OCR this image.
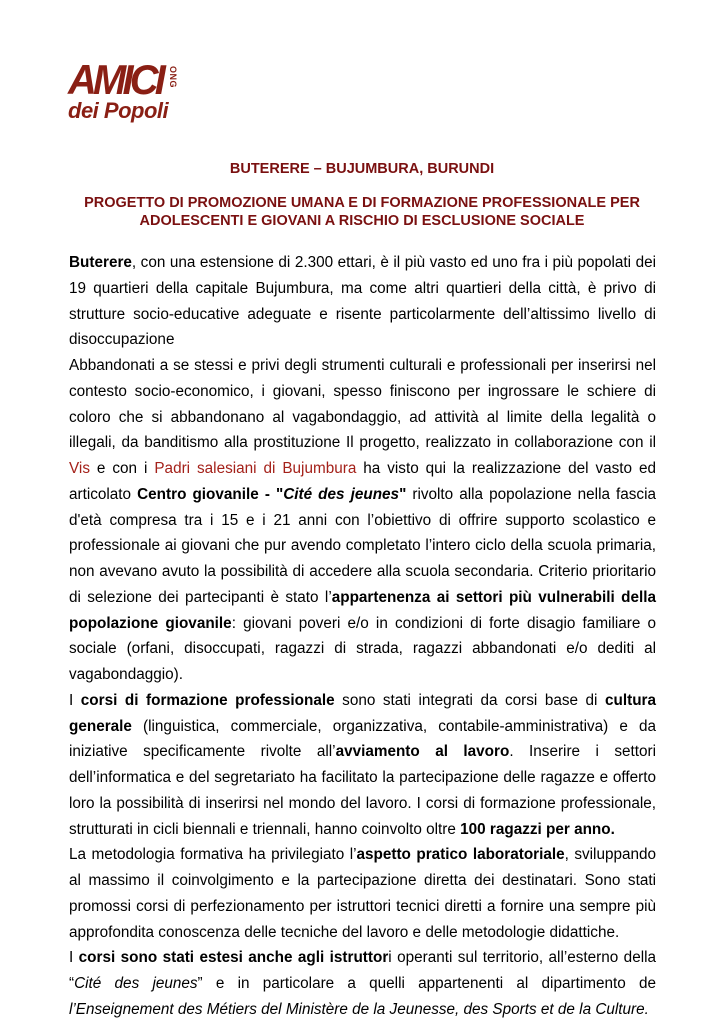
AMICI ONG
dei Popoli
BUTERERE – BUJUMBURA, BURUNDI
PROGETTO DI PROMOZIONE UMANA E DI FORMAZIONE PROFESSIONALE PER ADOLESCENTI E GIOVANI A RISCHIO DI ESCLUSIONE SOCIALE

Buterere, con una estensione di 2.300 ettari, è il più vasto ed uno fra i più popolati dei 19 quartieri della capitale Bujumbura, ma come altri quartieri della città, è privo di strutture socio-educative adeguate e risente particolarmente dell’altissimo livello di disoccupazione

Abbandonati a se stessi e privi degli strumenti culturali e professionali per inserirsi nel contesto socio-economico, i giovani, spesso finiscono per ingrossare le schiere di coloro che si abbandonano al vagabondaggio, ad attività al limite della legalità o illegali, da banditismo alla prostituzione Il progetto, realizzato in collaborazione con il Vis e con i Padri salesiani di Bujumbura ha visto qui la realizzazione del vasto ed articolato Centro giovanile - "Cité des jeunes" rivolto alla popolazione nella fascia d'età compresa tra i 15 e i 21 anni con l’obiettivo di offrire supporto scolastico e professionale ai giovani che pur avendo completato l’intero ciclo della scuola primaria, non avevano avuto la possibilità di accedere alla scuola secondaria. Criterio prioritario di selezione dei partecipanti è stato l’appartenenza ai settori più vulnerabili della popolazione giovanile: giovani poveri e/o in condizioni di forte disagio familiare o sociale (orfani, disoccupati, ragazzi di strada, ragazzi abbandonati e/o dediti al vagabondaggio).

I corsi di formazione professionale sono stati integrati da corsi base di cultura generale (linguistica, commerciale, organizzativa, contabile-amministrativa) e da iniziative specificamente rivolte all’avviamento al lavoro. Inserire i settori dell’informatica e del segretariato ha facilitato la partecipazione delle ragazze e offerto loro la possibilità di inserirsi nel mondo del lavoro. I corsi di formazione professionale, strutturati in cicli biennali e triennali, hanno coinvolto oltre 100 ragazzi per anno.

La metodologia formativa ha privilegiato l’aspetto pratico laboratoriale, sviluppando al massimo il coinvolgimento e la partecipazione diretta dei destinatari. Sono stati promossi corsi di perfezionamento per istruttori tecnici diretti a fornire una sempre più approfondita conoscenza delle tecniche del lavoro e delle metodologie didattiche.

I corsi sono stati estesi anche agli istruttori operanti sul territorio, all’esterno della “Cité des jeunes” e in particolare a quelli appartenenti al dipartimento de l’Enseignement des Métiers del Ministère de la Jeunesse, des Sports et de la Culture.
